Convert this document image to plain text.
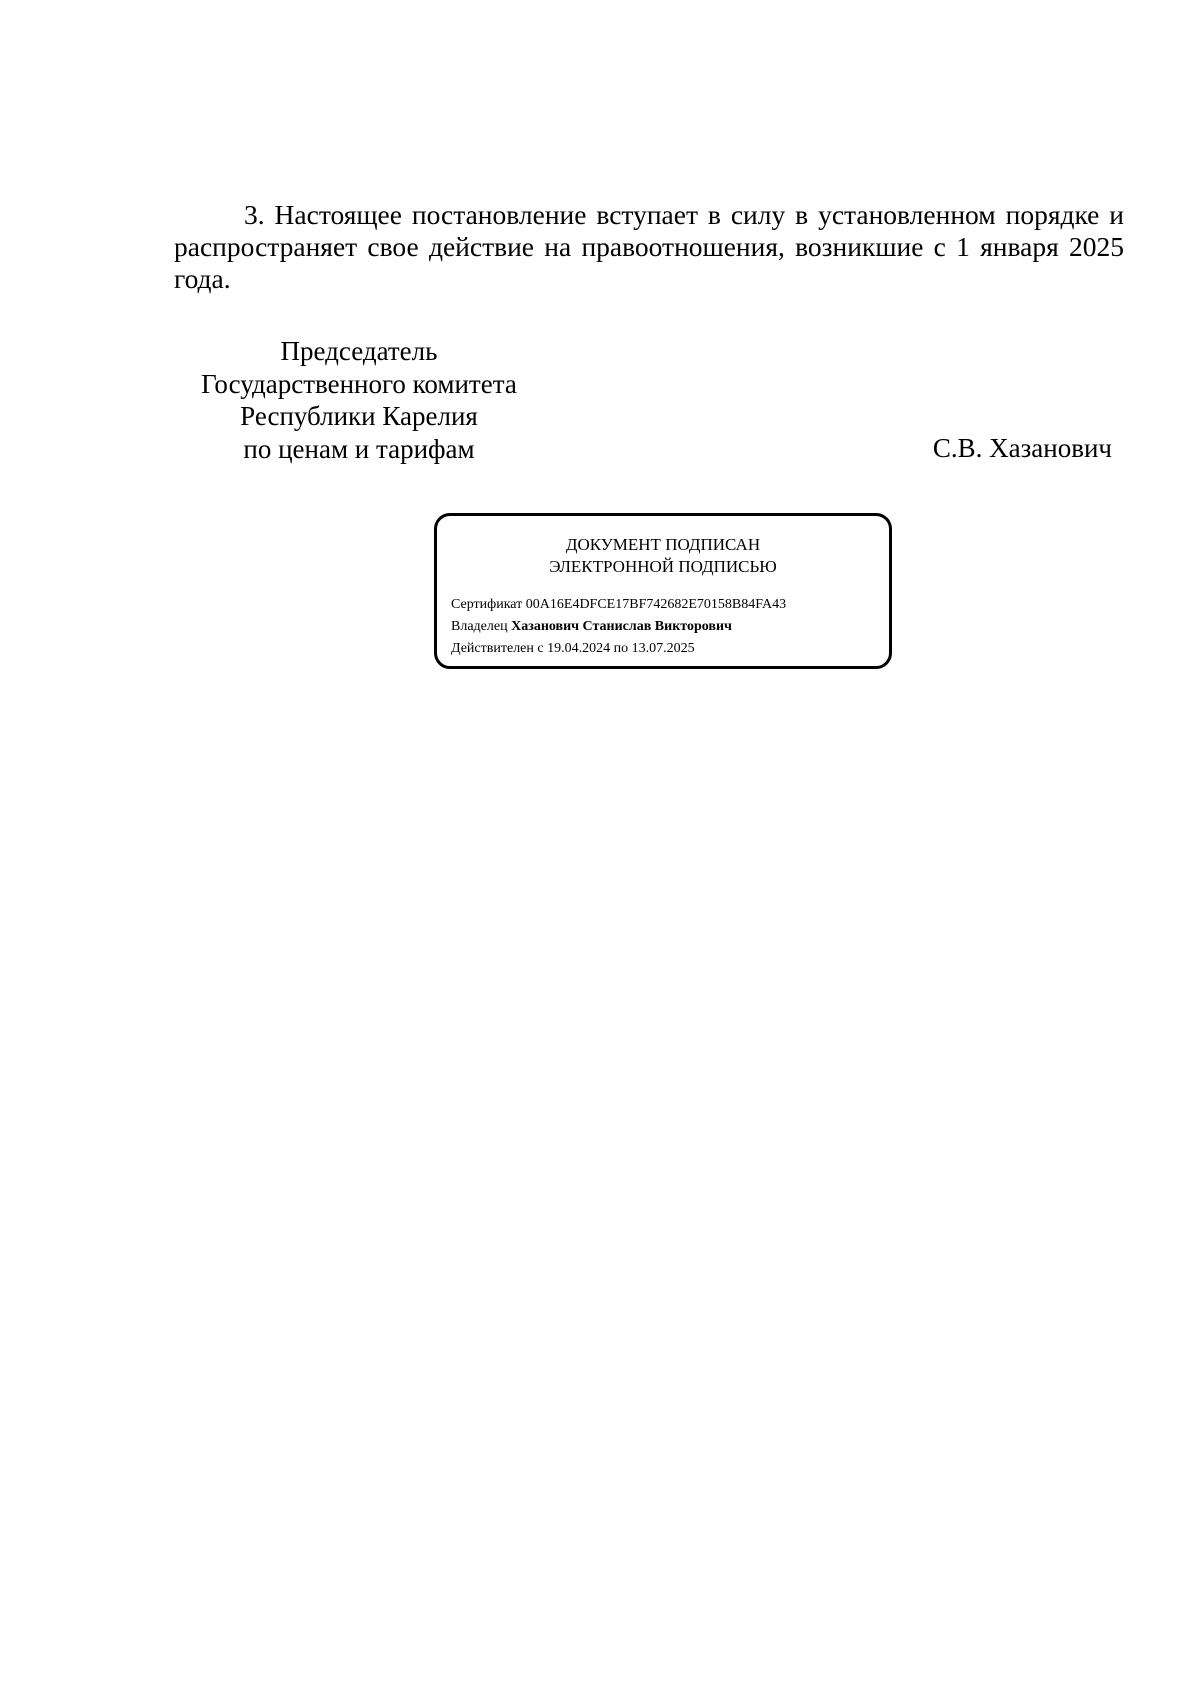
3. Настоящее постановление вступает в силу в установленном порядке и распространяет свое действие на правоотношения, возникшие с 1 января 2025 года.

Председатель
Государственного комитета
Республики Карелия
по ценам и тарифам	С.В. Хазанович
ДОКУМЕНТ ПОДПИСАН
ЭЛЕКТРОННОЙ ПОДПИСЬЮ
Сертификат 00A16E4DFCE17BF742682E70158B84FA43
Владелец Хазанович Станислав Викторович
Действителен с 19.04.2024 по 13.07.2025
